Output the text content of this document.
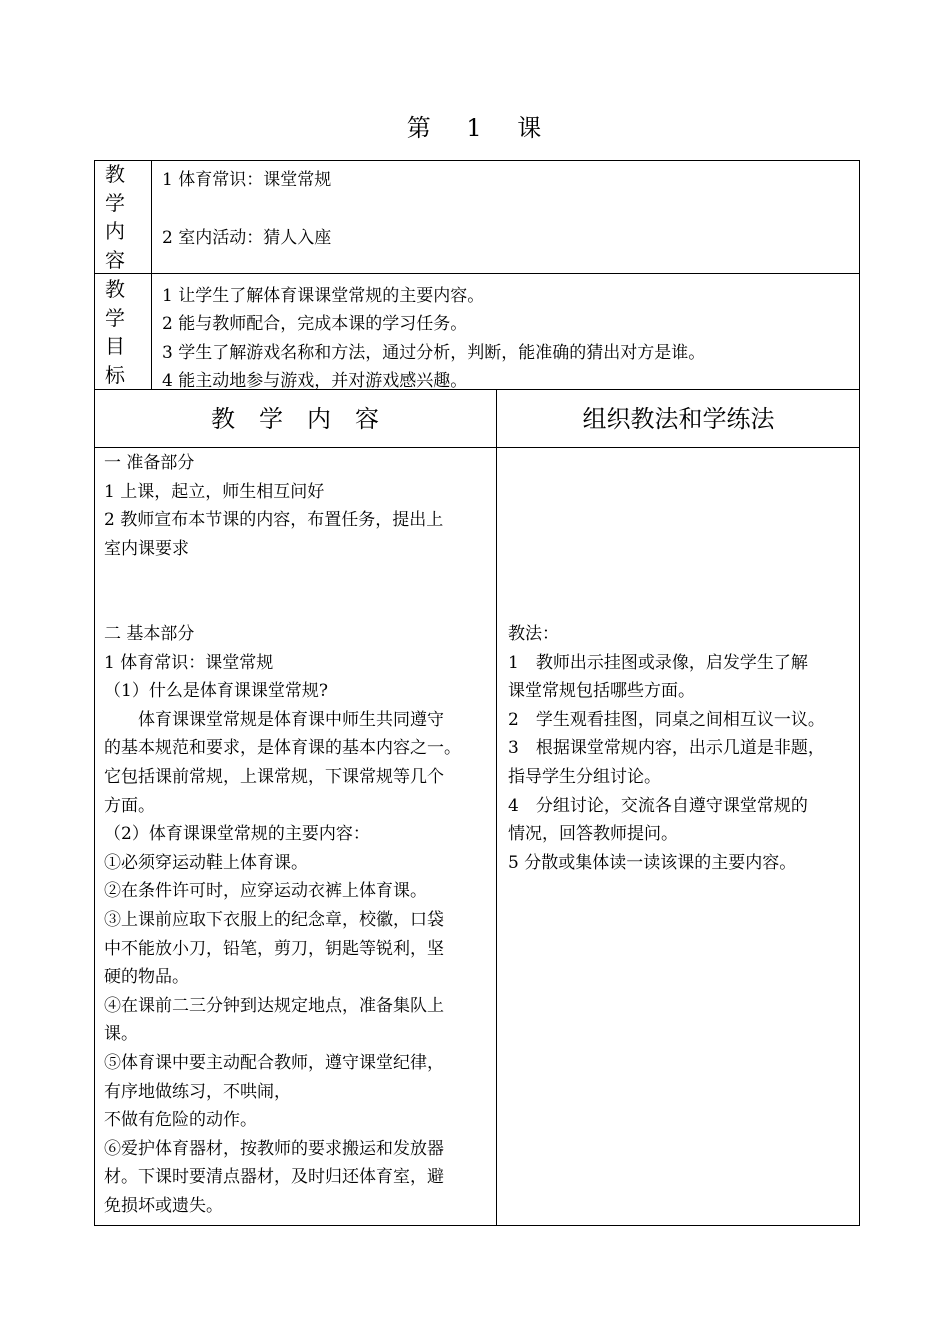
第 1 课
教
学
内
容
1 体育常识：课堂常规
2 室内活动：猜人入座
教
学
目
标
1 让学生了解体育课课堂常规的主要内容。
2 能与教师配合，完成本课的学习任务。
3 学生了解游戏名称和方法，通过分析，判断，能准确的猜出对方是谁。
4 能主动地参与游戏，并对游戏感兴趣。
教　学　内　容	组织教法和学练法
一 准备部分
1 上课，起立，师生相互问好
2 教师宣布本节课的内容，布置任务，提出上
室内课要求
二 基本部分
1 体育常识：课堂常规
（1）什么是体育课课堂常规?
　　体育课课堂常规是体育课中师生共同遵守
的基本规范和要求，是体育课的基本内容之一。
它包括课前常规，上课常规，下课常规等几个
方面。
（2）体育课课堂常规的主要内容：
①必须穿运动鞋上体育课。
②在条件许可时，应穿运动衣裤上体育课。
③上课前应取下衣服上的纪念章，校徽，口袋
中不能放小刀，铅笔，剪刀，钥匙等锐利，坚
硬的物品。
④在课前二三分钟到达规定地点，准备集队上
课。
⑤体育课中要主动配合教师，遵守课堂纪律，
有序地做练习，不哄闹，
不做有危险的动作。
⑥爱护体育器材，按教师的要求搬运和发放器
材。下课时要清点器材，及时归还体育室，避
免损坏或遗失。
教法：
1　教师出示挂图或录像，启发学生了解
课堂常规包括哪些方面。
2　学生观看挂图，同桌之间相互议一议。
3　根据课堂常规内容，出示几道是非题，
指导学生分组讨论。
4　分组讨论，交流各自遵守课堂常规的
情况，回答教师提问。
5 分散或集体读一读该课的主要内容。
